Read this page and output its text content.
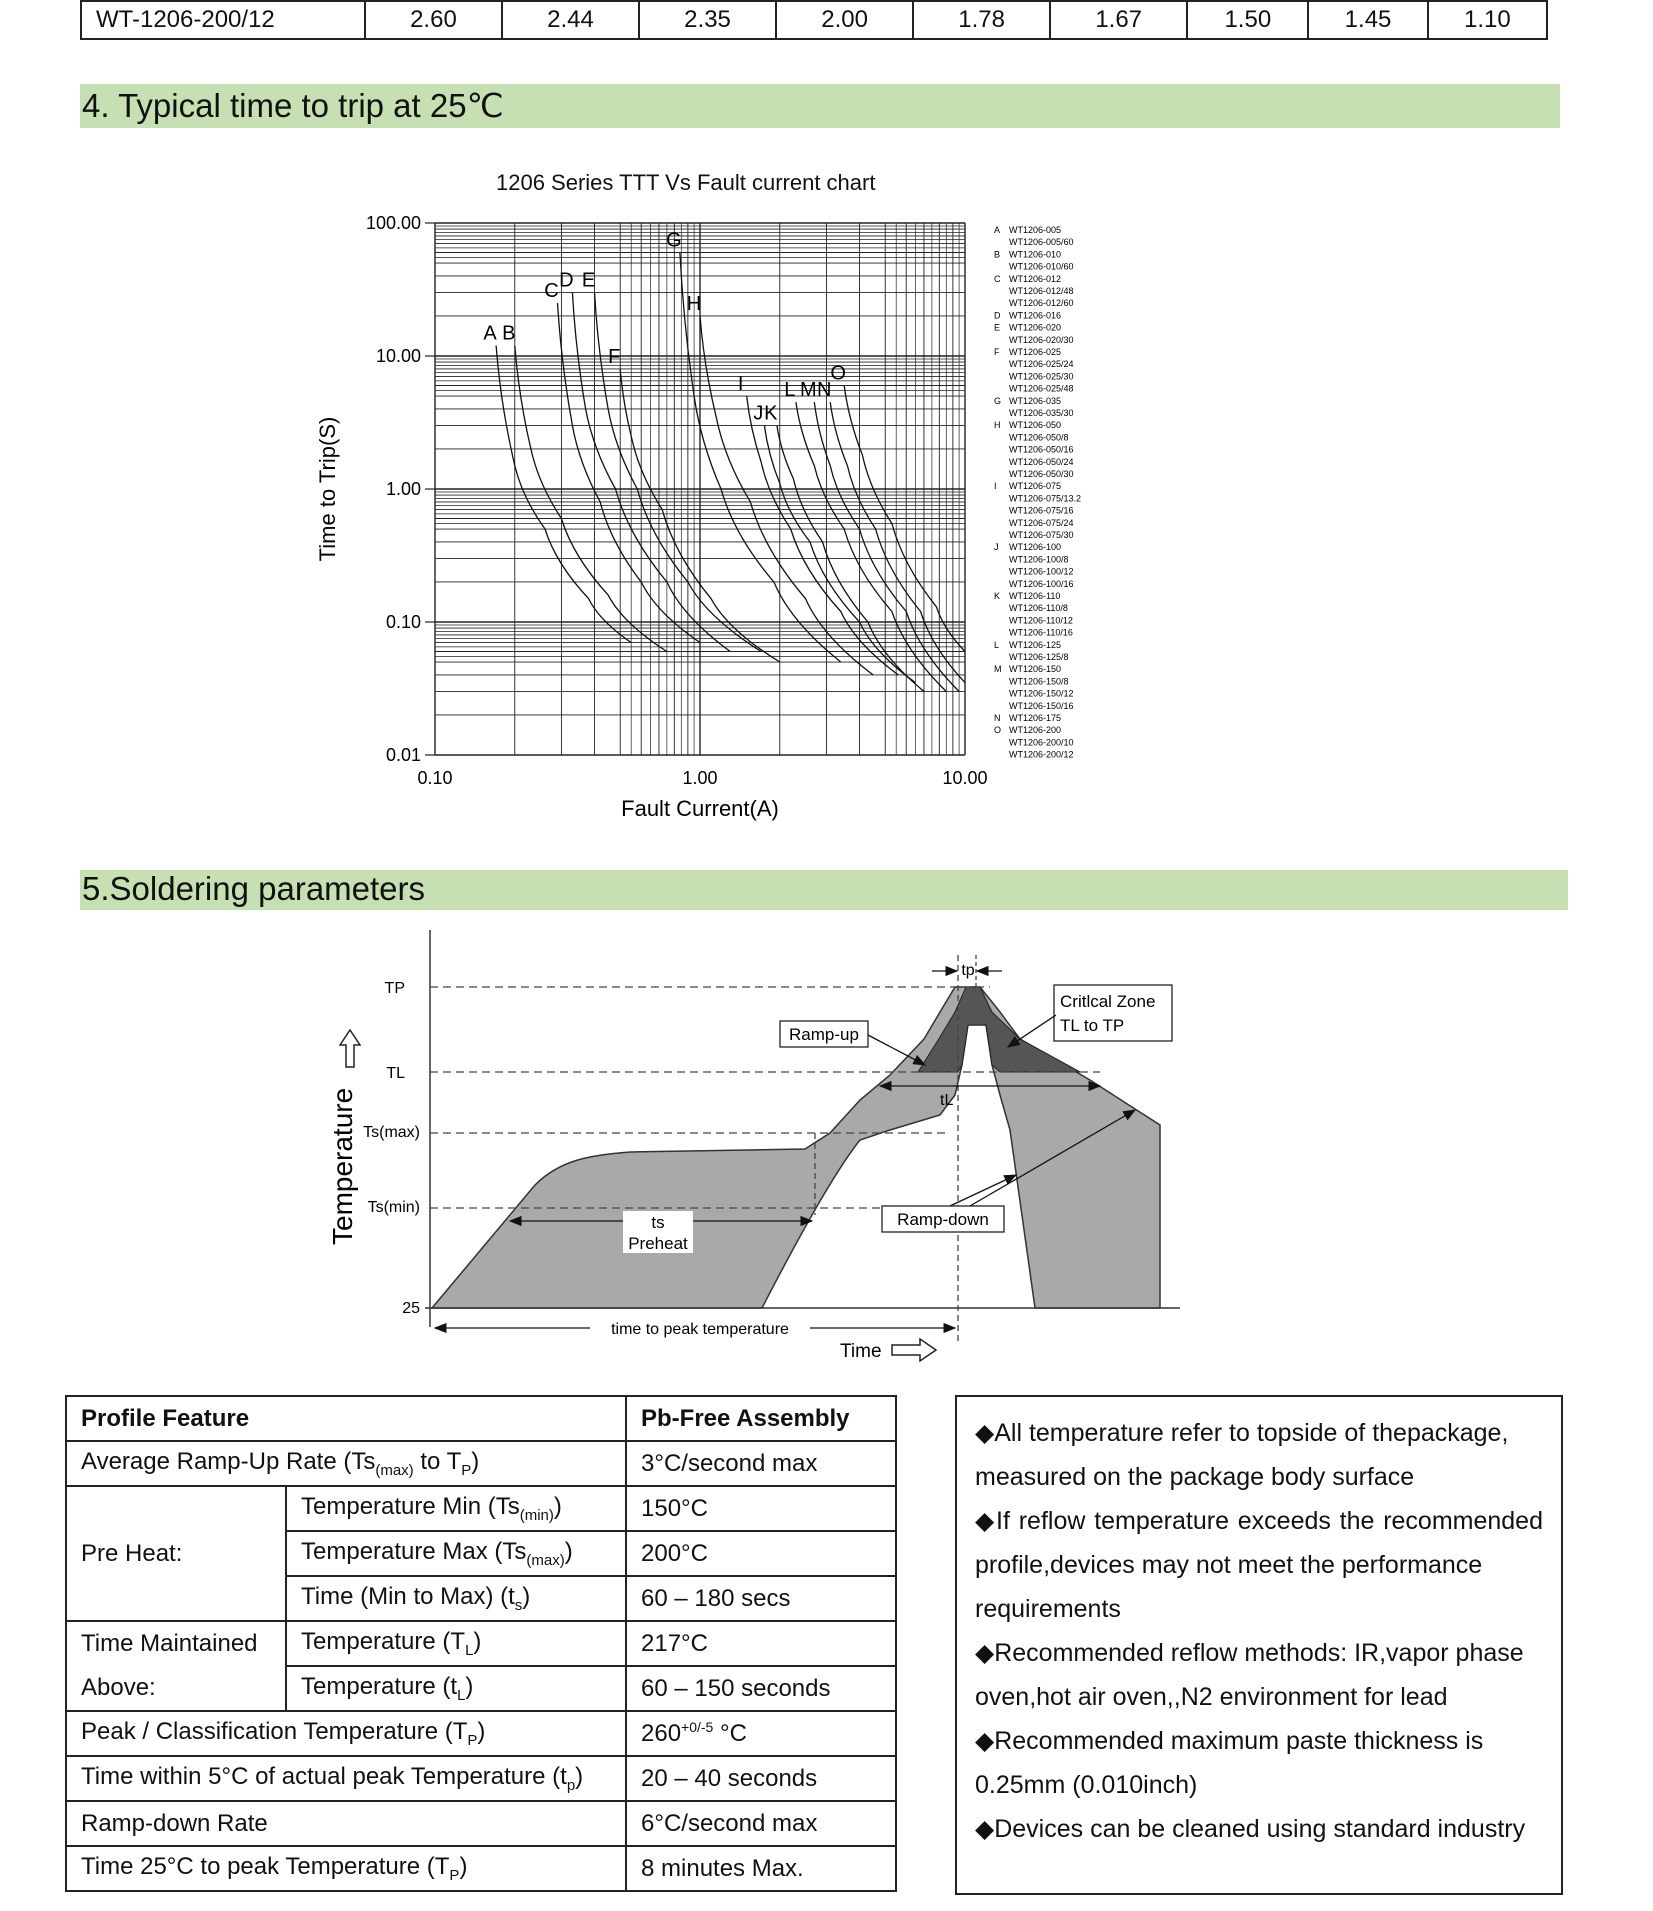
WT-1206-200/12	2.60	2.44	2.35	2.00	1.78	1.67	1.50	1.45	1.10
4. Typical time to trip at 25℃
1206 Series TTT Vs Fault current chart
A B
C D E
F
G
H
I
J K
L M N
O
100.00
10.00
1.00
0.10
0.01
0.10	1.00	10.00
Fault Current(A)
Time to Trip(S)
A WT1206-005
WT1206-005/60
B WT1206-010
WT1206-010/60
C WT1206-012
WT1206-012/48
WT1206-012/60
D WT1206-016
E WT1206-020
WT1206-020/30
F WT1206-025
WT1206-025/24
WT1206-025/30
WT1206-025/48
G WT1206-035
WT1206-035/30
H WT1206-050
WT1206-050/8
WT1206-050/16
WT1206-050/24
WT1206-050/30
I WT1206-075
WT1206-075/13.2
WT1206-075/16
WT1206-075/24
WT1206-075/30
J WT1206-100
WT1206-100/8
WT1206-100/12
WT1206-100/16
K WT1206-110
WT1206-110/8
WT1206-110/12
WT1206-110/16
L WT1206-125
WT1206-125/8
M WT1206-150
WT1206-150/8
WT1206-150/12
WT1206-150/16
N WT1206-175
O WT1206-200
WT1206-200/10
WT1206-200/12
5.Soldering parameters
TP
TL
Ts(max)
Ts(min)
25
tp
tL
ts
Preheat
time to peak temperature
Ramp-up
Critlcal Zone
TL to TP
Ramp-down
Temperature
Time
Profile Feature		Pb-Free Assembly
Average Ramp-Up Rate ($Ts_{(max)}$ to $T_P$)		3°C/second max
Pre Heat:	Temperature Min $(Ts_{(min)})$	150°C
	Temperature Max $(Ts_{(max)})$	200°C
	Time (Min to Max) $(t_s)$	60 – 180 secs
Time Maintained
Above:	Temperature $(T_L)$	217°C
	Temperature $(t_L)$	60 – 150 seconds
Peak / Classification Temperature $(T_P)$		$260^{+0/-5}$ °C
Time within 5°C of actual peak Temperature $(t_p)$		20 – 40 seconds
Ramp-down Rate		6°C/second max
Time 25°C to peak Temperature $(T_P)$		8 minutes Max.

◆All temperature refer to topside of thepackage, measured on the package body surface

◆If reflow temperature exceeds the recommended

profile,devices may not meet the performance requirements

◆Recommended reflow methods: IR,vapor phase oven,hot air oven,,N2 environment for lead

◆Recommended maximum paste thickness is 0.25mm (0.010inch)

◆Devices can be cleaned using standard industry
